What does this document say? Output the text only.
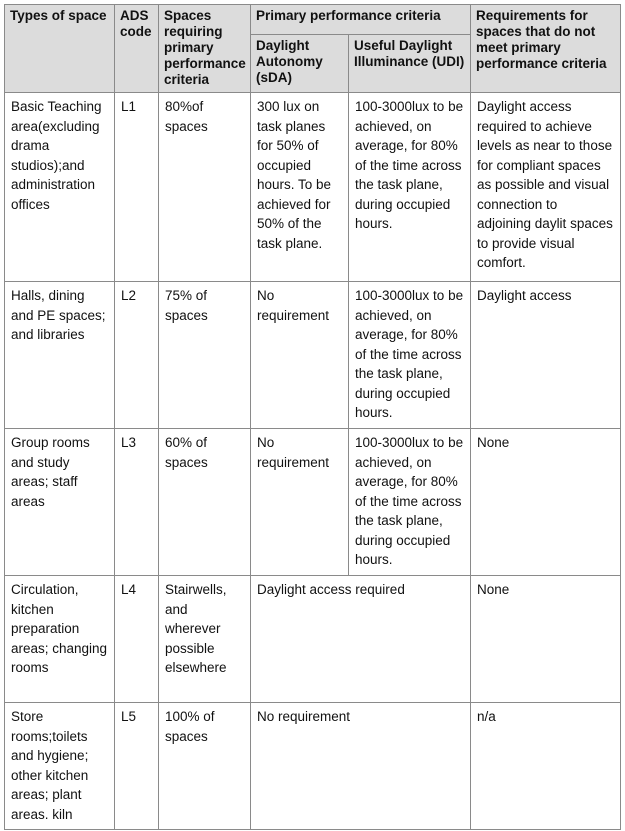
Types of space	ADS code	Spaces requiring primary performance criteria	Primary performance criteria		Requirements for spaces that do not meet primary performance criteria
			Daylight Autonomy (sDA)	Useful Daylight Illuminance (UDI)	
Basic Teaching area(excluding drama studios);and administration offices	L1	80%of spaces	300 lux on task planes for 50% of occupied hours. To be achieved for 50% of the task plane.	100-3000lux to be achieved, on average, for 80% of the time across the task plane, during occupied hours.	Daylight access required to achieve levels as near to those for compliant spaces as possible and visual connection to adjoining daylit spaces to provide visual comfort.
Halls, dining and PE spaces; and libraries	L2	75% of spaces	No requirement	100-3000lux to be achieved, on average, for 80% of the time across the task plane, during occupied hours.	Daylight access
Group rooms and study areas; staff areas	L3	60% of spaces	No requirement	100-3000lux to be achieved, on average, for 80% of the time across the task plane, during occupied hours.	None
Circulation, kitchen preparation areas; changing rooms	L4	Stairwells, and wherever possible elsewhere	Daylight access required		None
Store rooms;toilets and hygiene; other kitchen areas; plant areas. kiln	L5	100% of spaces	No requirement		n/a
